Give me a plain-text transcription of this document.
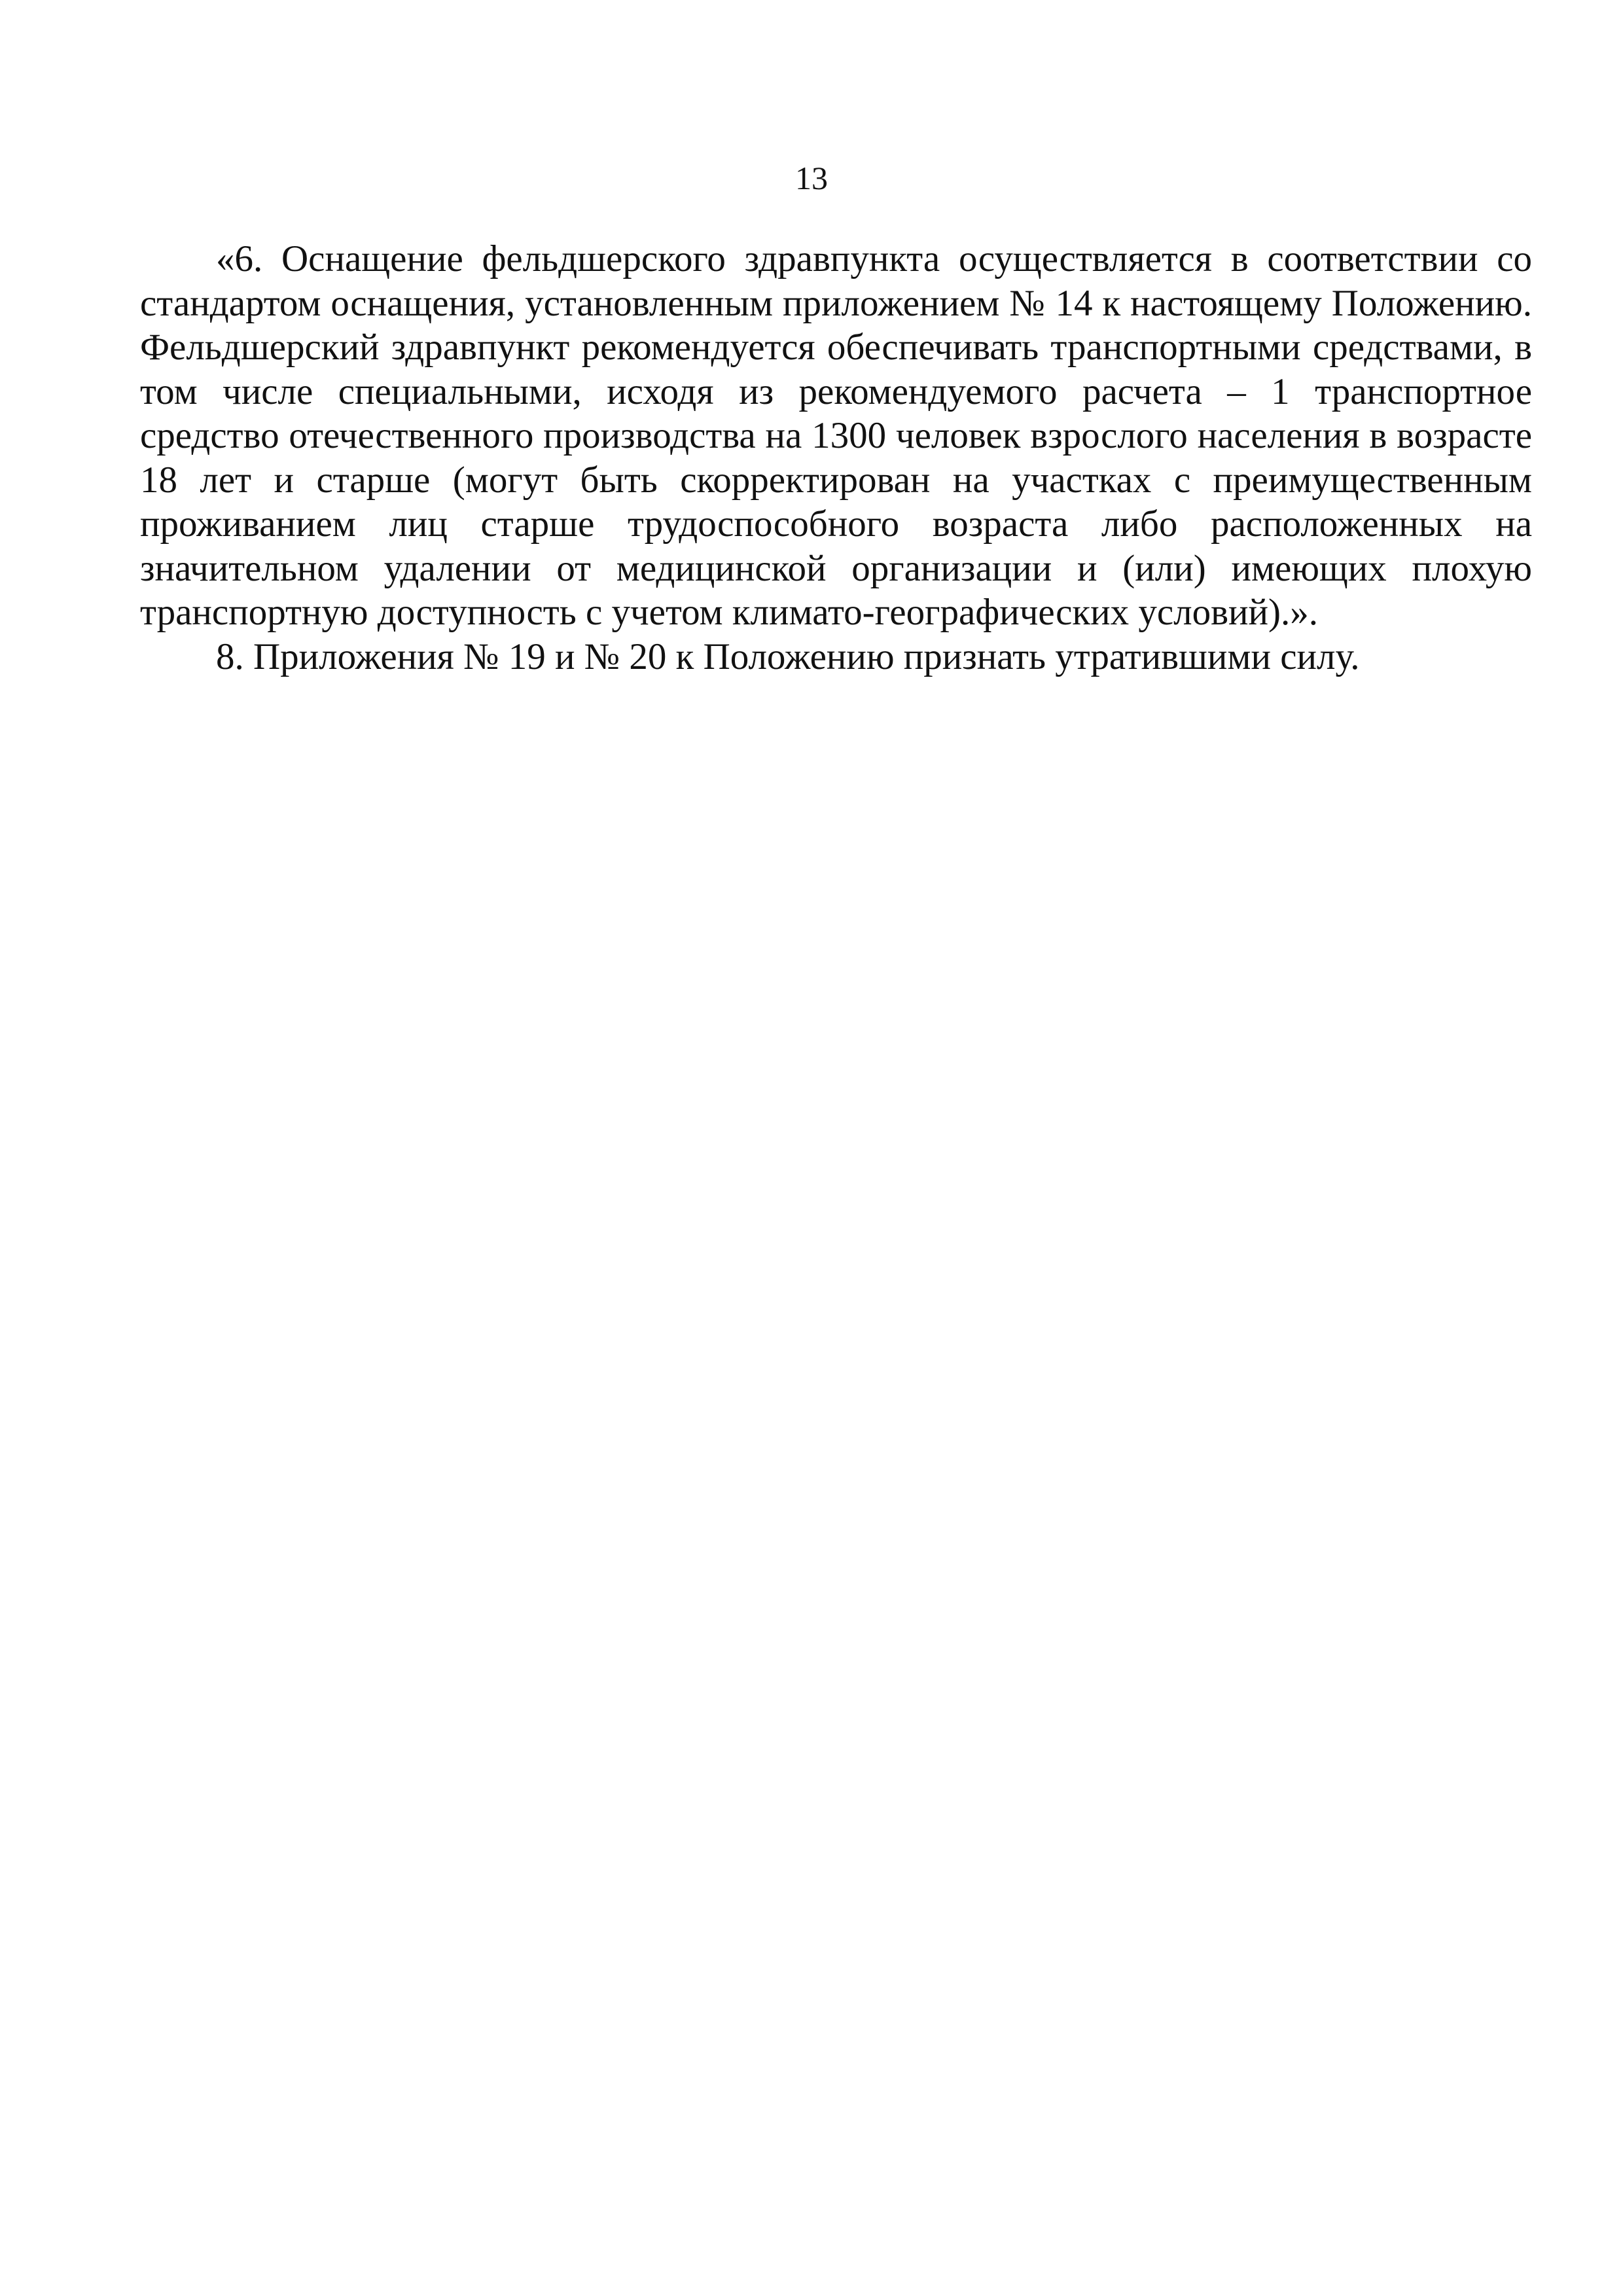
13

«6. Оснащение фельдшерского здравпункта осуществляется в соответствии со стандартом оснащения, установленным приложением № 14 к настоящему Положению. Фельдшерский здравпункт рекомендуется обеспечивать транспортными средствами, в том числе специальными, исходя из рекомендуемого расчета – 1 транспортное средство отечественного производства на 1300 человек взрослого населения в возрасте 18 лет и старше (могут быть скорректирован на участках с преимущественным проживанием лиц старше трудоспособного возраста либо расположенных на значительном удалении от медицинской организации и (или) имеющих плохую транспортную доступность с учетом климато-географических условий).».

8. Приложения № 19 и № 20 к Положению признать утратившими силу.
